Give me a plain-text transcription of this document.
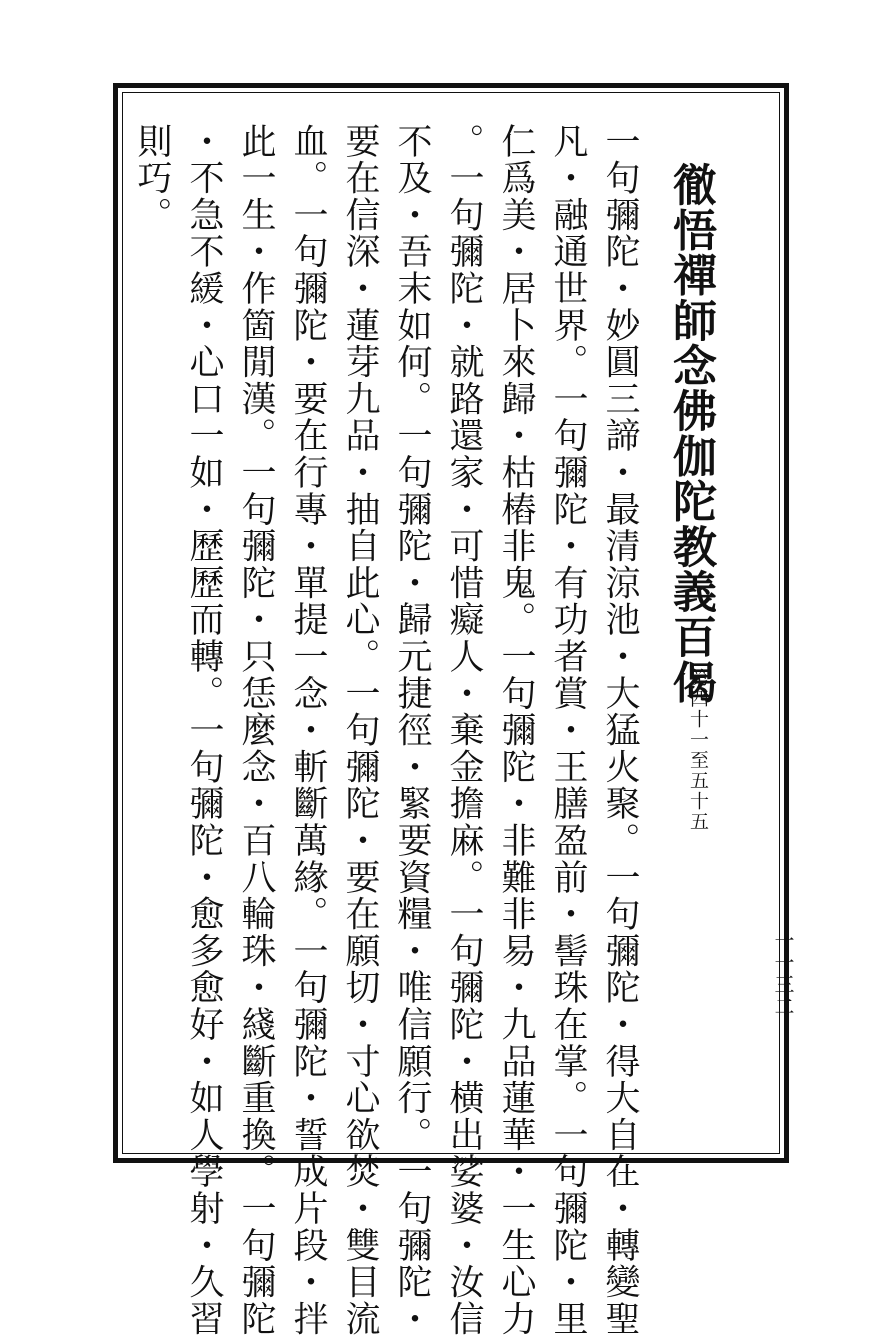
徹悟禪師念佛伽陀教義百偈
第四十一至五十五
一句彌陀・妙圓三諦・最清涼池・大猛火聚。一句彌陀・得大自在・轉變聖
凡・融通世界。一句彌陀・有功者賞・王膳盈前・髻珠在掌。一句彌陀・里
仁爲美・居卜來歸・枯樁非鬼。一句彌陀・非難非易・九品蓮華・一生心力
。一句彌陀・就路還家・可惜癡人・棄金擔麻。一句彌陀・横出娑婆・汝信
不及・吾末如何。一句彌陀・歸元捷徑・緊要資糧・唯信願行。一句彌陀・
要在信深・蓮芽九品・抽自此心。一句彌陀・要在願切・寸心欲焚・雙目流
血。一句彌陀・要在行專・單提一念・斬斷萬緣。一句彌陀・誓成片段・拌
此一生・作箇閒漢。一句彌陀・只恁麼念・百八輪珠・綫斷重換。一句彌陀
・不急不緩・心口一如・歷歷而轉。一句彌陀・愈多愈好・如人學射・久習
則巧。
一一三二
